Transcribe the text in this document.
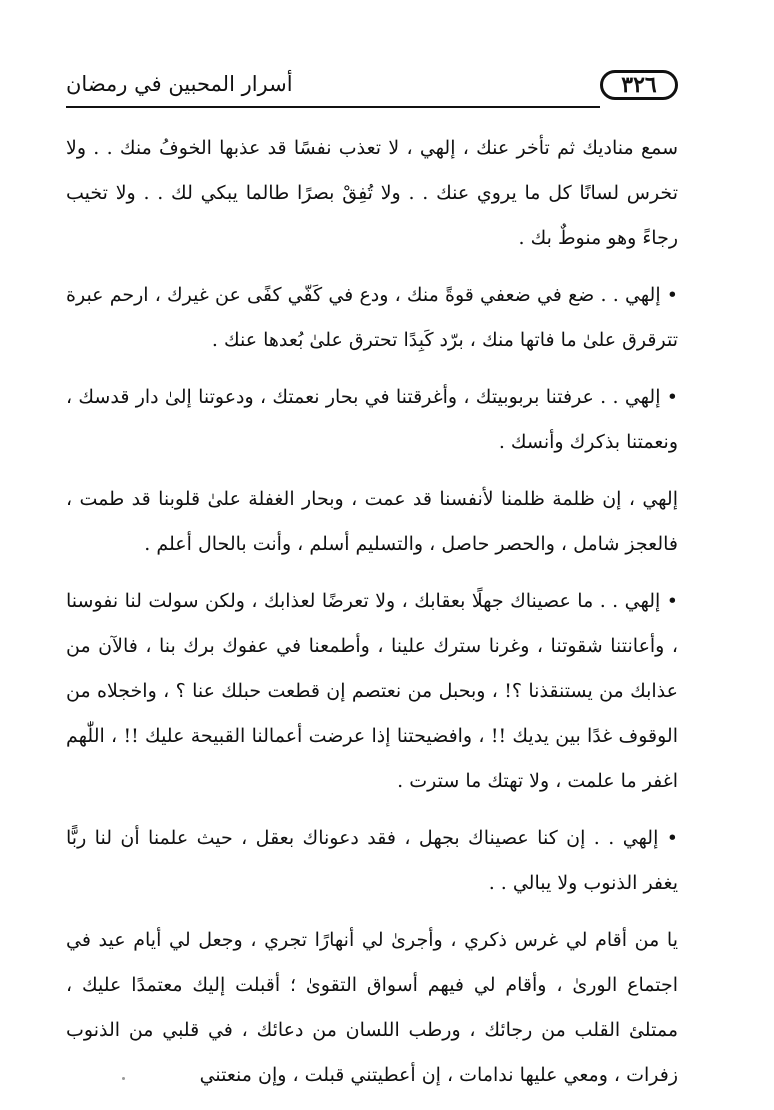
٣٢٦
أسرار المحبين في رمضان

سمع مناديك ثم تأخر عنك ، إلهي ، لا تعذب نفسًا قد عذبها الخوفُ منك . . ولا تخرس لسانًا كل ما يروي عنك . . ولا تُفِقْ بصرًا طالما يبكي لك . . ولا تخيب رجاءً وهو منوطٌ بك .

• إلهي . . ضع في ضعفي قوةً منك ، ودع في كَفّي كفًى عن غيرك ، ارحم عبرة تترقرق علىٰ ما فاتها منك ، برّد كَبِدًا تحترق علىٰ بُعدها عنك .

• إلهي . . عرفتنا بربوبيتك ، وأغرقتنا في بحار نعمتك ، ودعوتنا إلىٰ دار قدسك ، ونعمتنا بذكرك وأنسك .

إلهي ، إن ظلمة ظلمنا لأنفسنا قد عمت ، وبحار الغفلة علىٰ قلوبنا قد طمت ، فالعجز شامل ، والحصر حاصل ، والتسليم أسلم ، وأنت بالحال أعلم .

• إلهي . . ما عصيناك جهلًا بعقابك ، ولا تعرضًا لعذابك ، ولكن سولت لنا نفوسنا ، وأعانتنا شقوتنا ، وغرنا سترك علينا ، وأطمعنا في عفوك برك بنا ، فالآن من عذابك من يستنقذنا ؟! ، وبحبل من نعتصم إن قطعت حبلك عنا ؟ ، واخجلاه من الوقوف غدًا بين يديك !! ، وافضيحتنا إذا عرضت أعمالنا القبيحة عليك !! ، اللّٰهم اغفر ما علمت ، ولا تهتك ما سترت .

• إلهي . . إن كنا عصيناك بجهل ، فقد دعوناك بعقل ، حيث علمنا أن لنا ربًّا يغفر الذنوب ولا يبالي . .

يا من أقام لي غرس ذكري ، وأجرىٰ لي أنهارًا تجري ، وجعل لي أيام عيد في اجتماع الورىٰ ، وأقام لي فيهم أسواق التقوىٰ ؛ أقبلت إليك معتمدًا عليك ، ممتلئ القلب من رجائك ، ورطب اللسان من دعائك ، في قلبي من الذنوب زفرات ، ومعي عليها ندامات ، إن أعطيتني قبلت ، وإن منعتني
